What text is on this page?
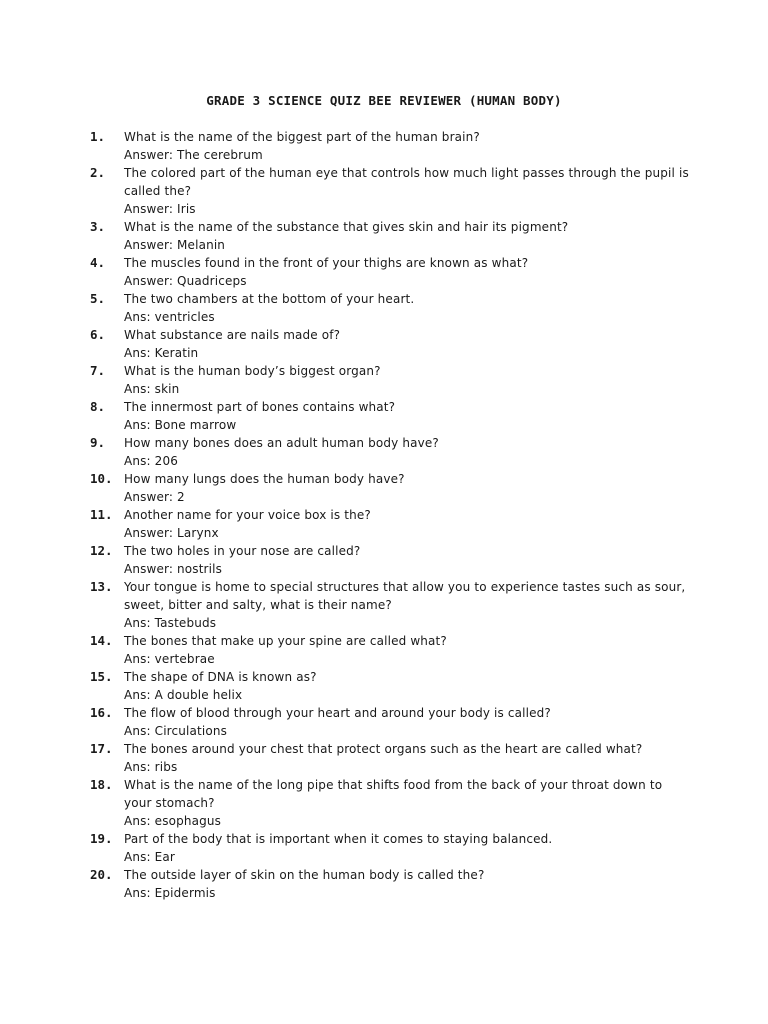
GRADE 3 SCIENCE QUIZ BEE REVIEWER (HUMAN BODY)
1.	What is the name of the biggest part of the human brain?
Answer: The cerebrum
2.	The colored part of the human eye that controls how much light passes through the pupil is called the?
Answer: Iris
3.	What is the name of the substance that gives skin and hair its pigment?
Answer: Melanin
4.	The muscles found in the front of your thighs are known as what?
Answer: Quadriceps
5.	The two chambers at the bottom of your heart.
Ans: ventricles
6.	What substance are nails made of?
Ans: Keratin
7.	What is the human body’s biggest organ?
Ans: skin
8.	The innermost part of bones contains what?
Ans: Bone marrow
9.	How many bones does an adult human body have?
Ans: 206
10. How many lungs does the human body have?
Answer: 2
11. Another name for your voice box is the?
Answer: Larynx
12. The two holes in your nose are called?
Answer: nostrils
13. Your tongue is home to special structures that allow you to experience tastes such as sour, sweet, bitter and salty, what is their name?
Ans: Tastebuds
14. The bones that make up your spine are called what?
Ans: vertebrae
15. The shape of DNA is known as?
Ans: A double helix
16. The flow of blood through your heart and around your body is called?
Ans: Circulations
17. The bones around your chest that protect organs such as the heart are called what?
Ans: ribs
18. What is the name of the long pipe that shifts food from the back of your throat down to your stomach?
Ans: esophagus
19. Part of the body that is important when it comes to staying balanced.
Ans: Ear
20. The outside layer of skin on the human body is called the?
Ans: Epidermis
